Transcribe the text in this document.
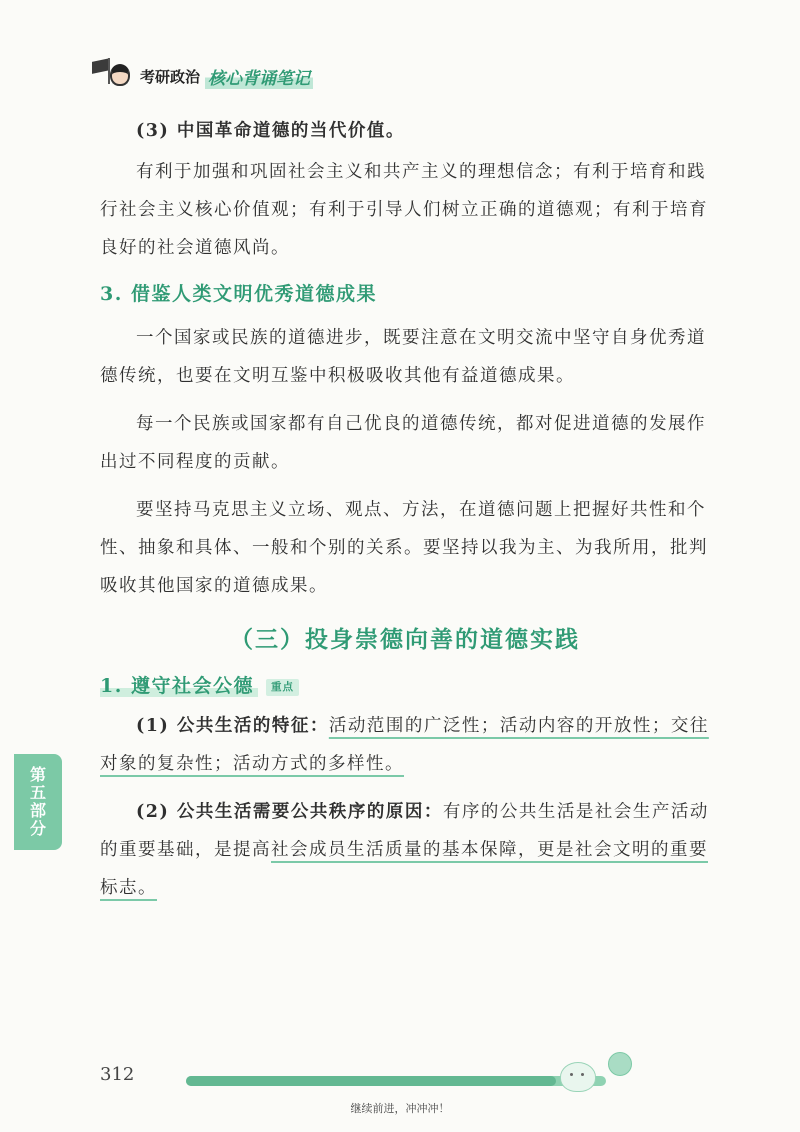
考研政治 核心背诵笔记

(3) 中国革命道德的当代价值。

有利于加强和巩固社会主义和共产主义的理想信念；有利于培育和践行社会主义核心价值观；有利于引导人们树立正确的道德观；有利于培育良好的社会道德风尚。

3. 借鉴人类文明优秀道德成果

一个国家或民族的道德进步，既要注意在文明交流中坚守自身优秀道德传统，也要在文明互鉴中积极吸收其他有益道德成果。

每一个民族或国家都有自己优良的道德传统，都对促进道德的发展作出过不同程度的贡献。

要坚持马克思主义立场、观点、方法，在道德问题上把握好共性和个性、抽象和具体、一般和个别的关系。要坚持以我为主、为我所用，批判吸收其他国家的道德成果。

（三）投身崇德向善的道德实践

1. 遵守社会公德 重点

(1) 公共生活的特征：活动范围的广泛性；活动内容的开放性；交往对象的复杂性；活动方式的多样性。

(2) 公共生活需要公共秩序的原因：有序的公共生活是社会生产活动的重要基础，是提高社会成员生活质量的基本保障，更是社会文明的重要标志。

第
五
部
分
312
继续前进，冲冲冲！
